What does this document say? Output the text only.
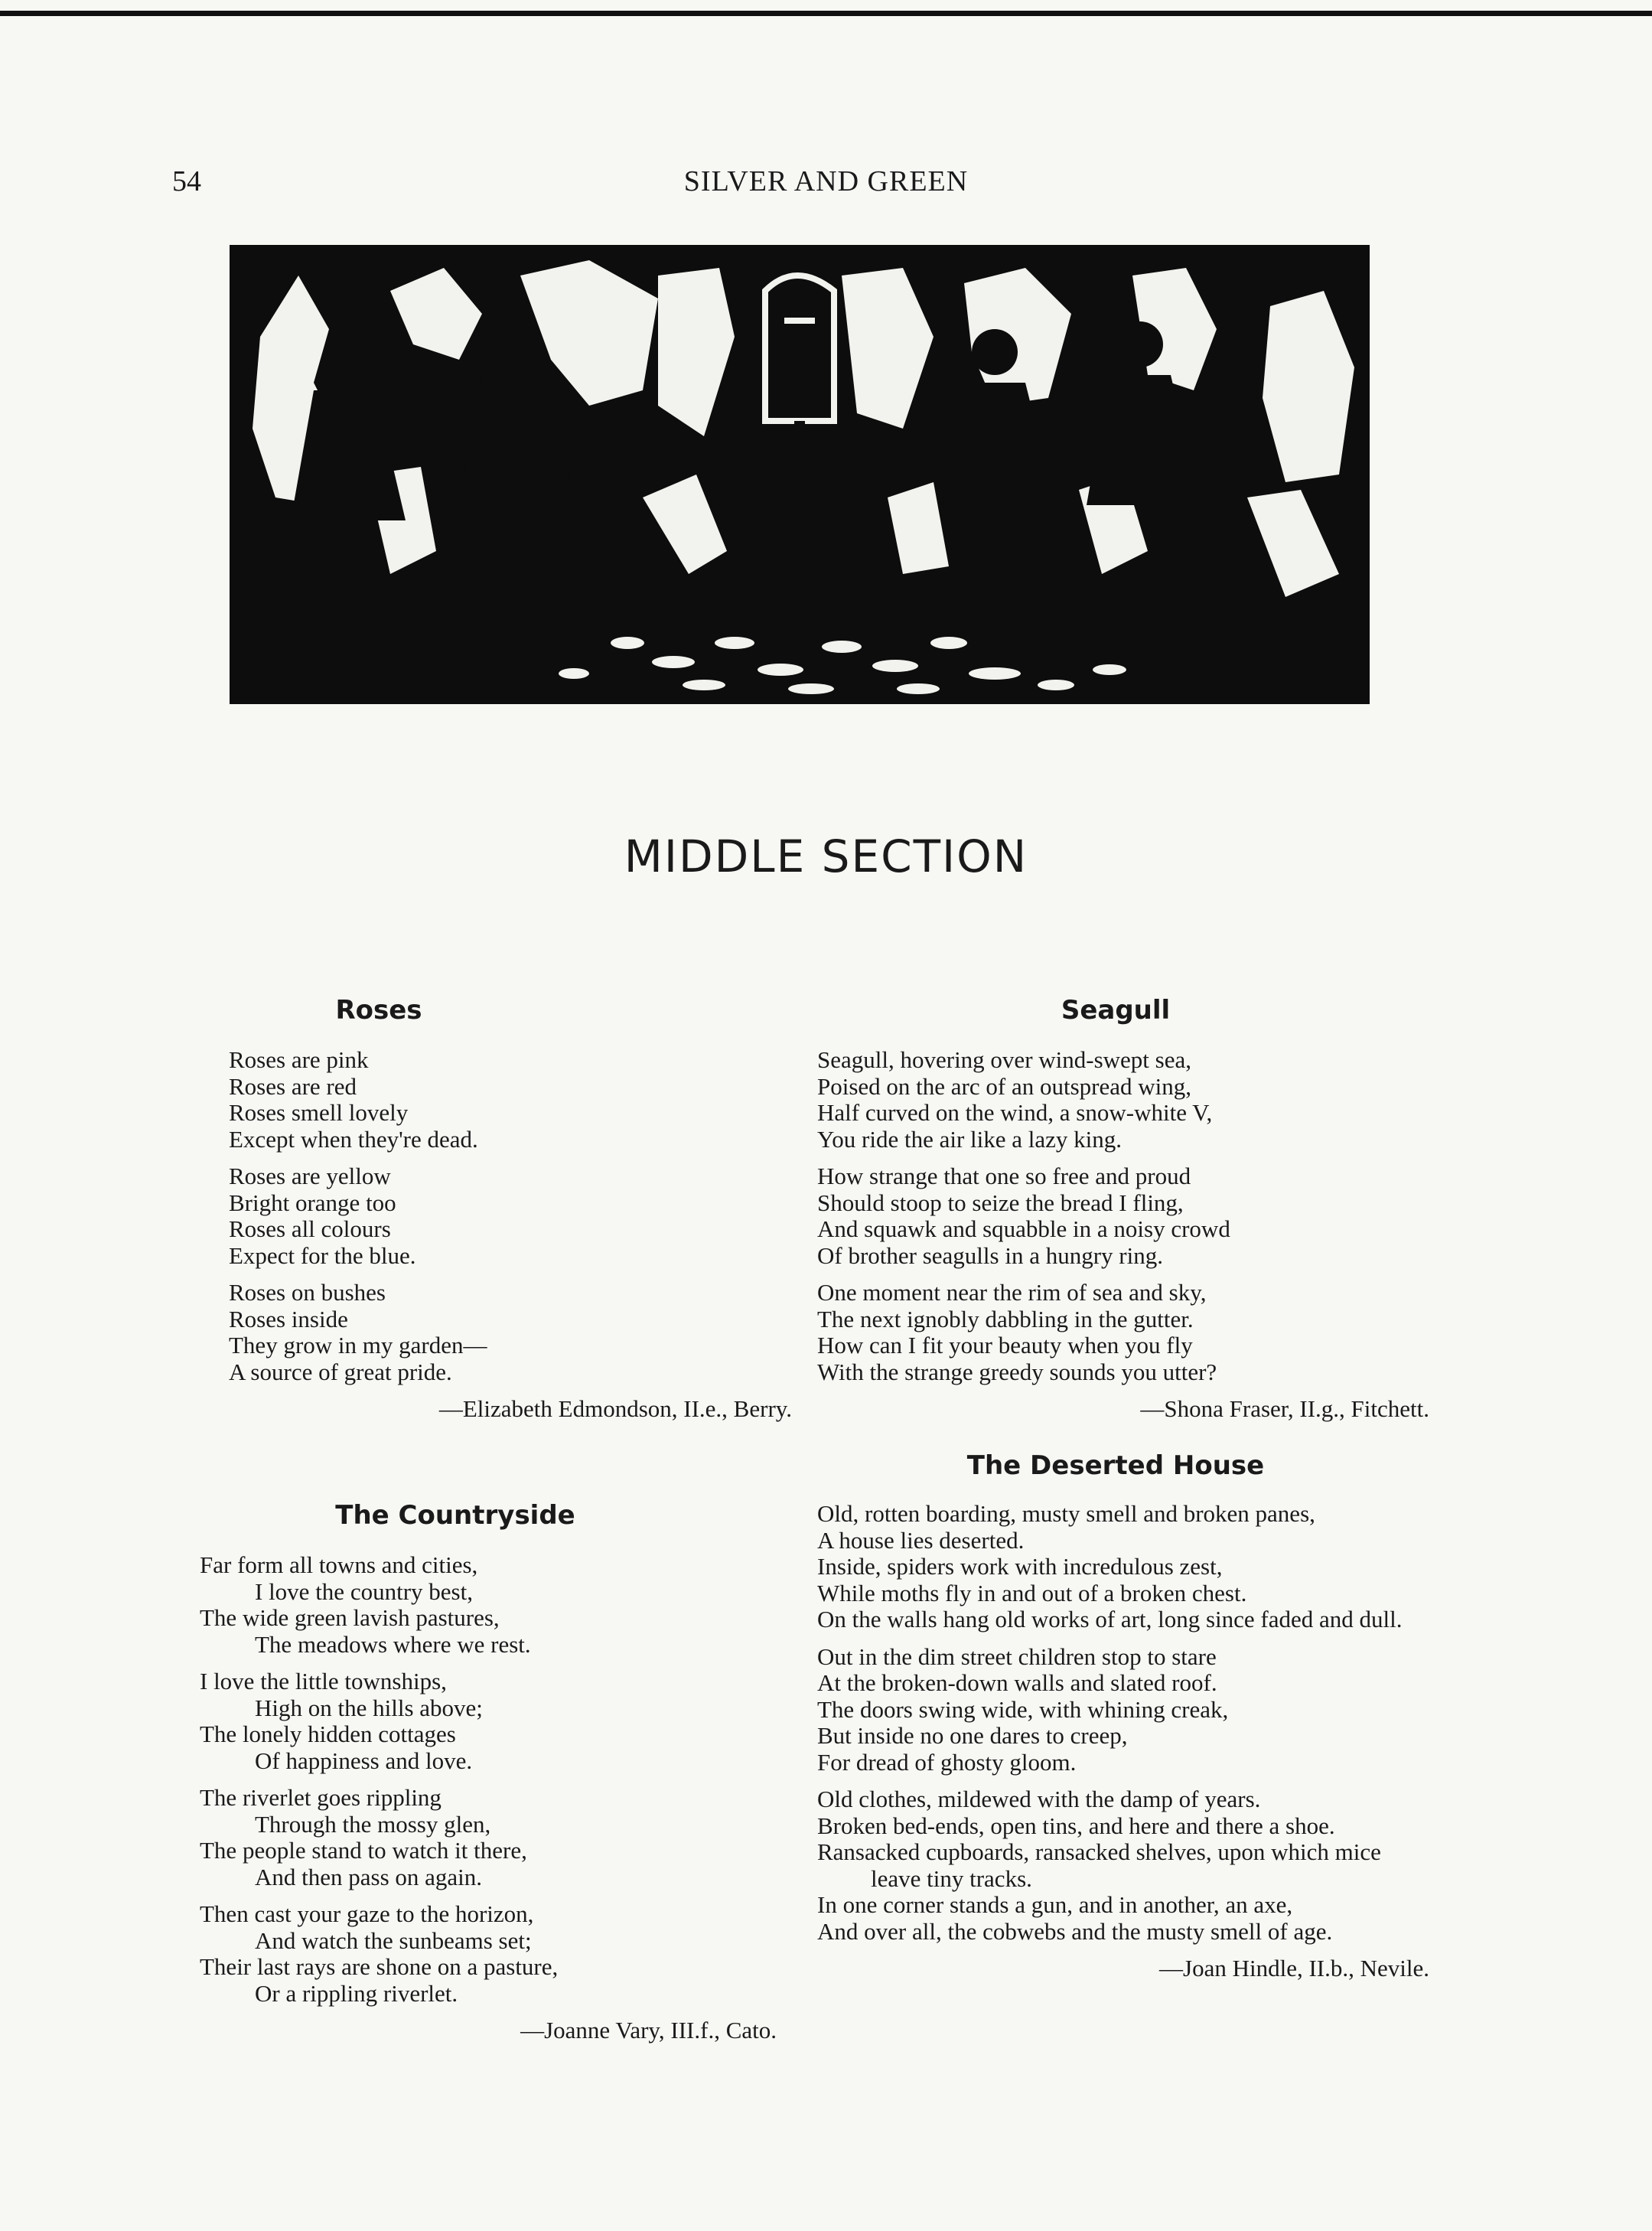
54	SILVER AND GREEN
MIDDLE SECTION
Roses
Roses are pink
Roses are red
Roses smell lovely
Except when they're dead.
Roses are yellow
Bright orange too
Roses all colours
Expect for the blue.
Roses on bushes
Roses inside
They grow in my garden—
A source of great pride.
—Elizabeth Edmondson, II.e., Berry.
The Countryside
Far form all towns and cities,
I love the country best,
The wide green lavish pastures,
The meadows where we rest.
I love the little townships,
High on the hills above;
The lonely hidden cottages
Of happiness and love.
The riverlet goes rippling
Through the mossy glen,
The people stand to watch it there,
And then pass on again.
Then cast your gaze to the horizon,
And watch the sunbeams set;
Their last rays are shone on a pasture,
Or a rippling riverlet.
—Joanne Vary, III.f., Cato.
Seagull
Seagull, hovering over wind-swept sea,
Poised on the arc of an outspread wing,
Half curved on the wind, a snow-white V,
You ride the air like a lazy king.
How strange that one so free and proud
Should stoop to seize the bread I fling,
And squawk and squabble in a noisy crowd
Of brother seagulls in a hungry ring.
One moment near the rim of sea and sky,
The next ignobly dabbling in the gutter.
How can I fit your beauty when you fly
With the strange greedy sounds you utter?
—Shona Fraser, II.g., Fitchett.
The Deserted House
Old, rotten boarding, musty smell and broken panes,
A house lies deserted.
Inside, spiders work with incredulous zest,
While moths fly in and out of a broken chest.
On the walls hang old works of art, long since faded and dull.
Out in the dim street children stop to stare
At the broken-down walls and slated roof.
The doors swing wide, with whining creak,
But inside no one dares to creep,
For dread of ghosty gloom.
Old clothes, mildewed with the damp of years.
Broken bed-ends, open tins, and here and there a shoe.
Ransacked cupboards, ransacked shelves, upon which mice leave tiny tracks.
In one corner stands a gun, and in another, an axe,
And over all, the cobwebs and the musty smell of age.
—Joan Hindle, II.b., Nevile.
